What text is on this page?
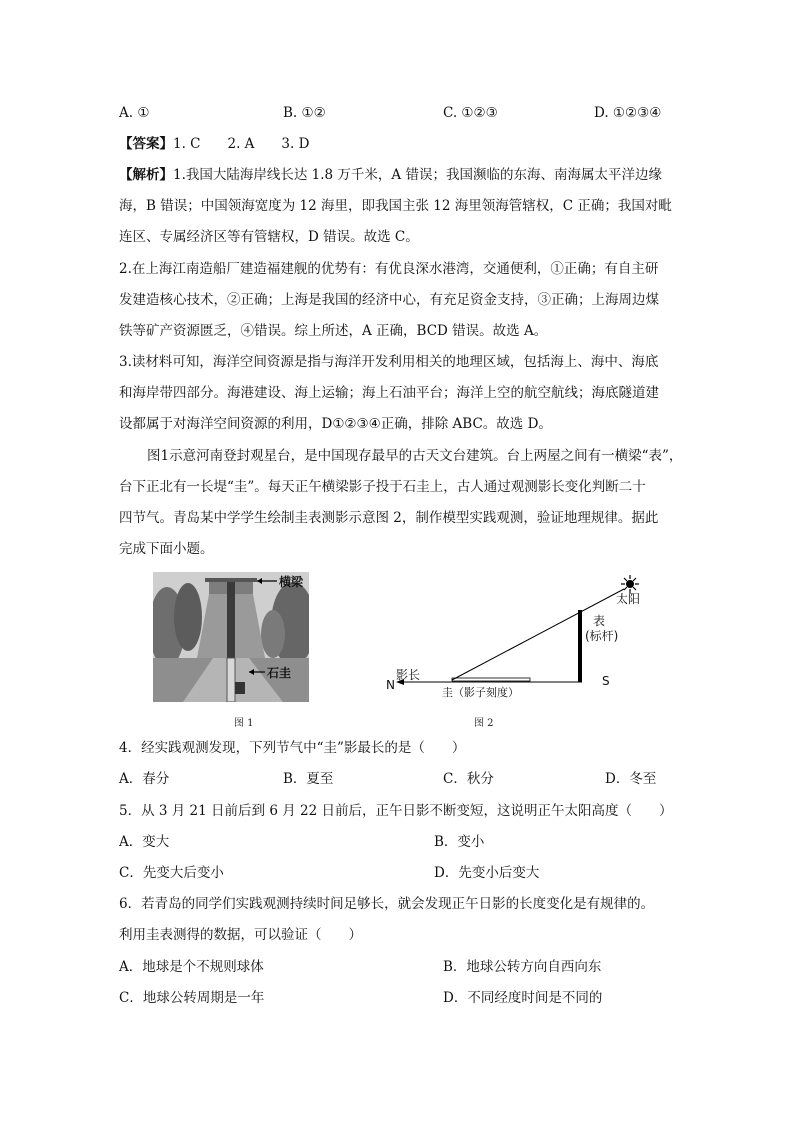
A. ①	B. ①②	C. ①②③	D. ①②③④
【答案】1. C　　2. A　　3. D
【解析】1.我国大陆海岸线长达 1.8 万千米，A 错误；我国濒临的东海、南海属太平洋边缘
海，B 错误；中国领海宽度为 12 海里，即我国主张 12 海里领海管辖权，C 正确；我国对毗
连区、专属经济区等有管辖权，D 错误。故选 C。
2.在上海江南造船厂建造福建舰的优势有：有优良深水港湾，交通便利，①正确；有自主研
发建造核心技术，②正确；上海是我国的经济中心，有充足资金支持，③正确；上海周边煤
铁等矿产资源匮乏，④错误。综上所述，A 正确，BCD 错误。故选 A。
3.读材料可知，海洋空间资源是指与海洋开发利用相关的地理区域，包括海上、海中、海底
和海岸带四部分。海港建设、海上运输；海上石油平台；海洋上空的航空航线；海底隧道建
设都属于对海洋空间资源的利用，D①②③④正确，排除 ABC。故选 D。
图1示意河南登封观星台，是中国现存最早的古天文台建筑。台上两屋之间有一横梁“表”，
台下正北有一长堤“圭”。每天正午横梁影子投于石圭上，古人通过观测影长变化判断二十
四节气。青岛某中学学生绘制圭表测影示意图 2，制作模型实践观测，验证地理规律。据此
完成下面小题。
横梁
石圭
图 1
太阳
表
(标杆)
影长
N	S
圭（影子刻度）
图 2
4．经实践观测发现，下列节气中“圭”影最长的是（　　）
A．春分	B．夏至	C．秋分	D．冬至
5．从 3 月 21 日前后到 6 月 22 日前后，正午日影不断变短，这说明正午太阳高度（　　）
A．变大	B．变小
C．先变大后变小	D．先变小后变大
6．若青岛的同学们实践观测持续时间足够长，就会发现正午日影的长度变化是有规律的。
利用圭表测得的数据，可以验证（　　）
A．地球是个不规则球体	B．地球公转方向自西向东
C．地球公转周期是一年	D．不同经度时间是不同的
